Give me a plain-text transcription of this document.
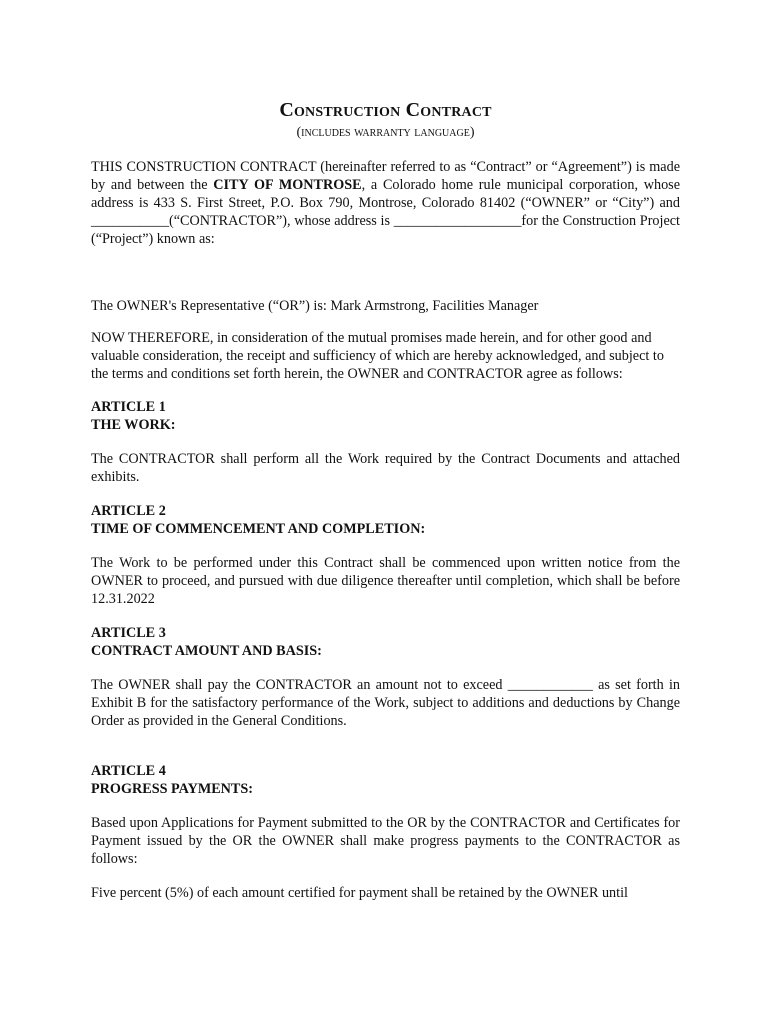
Construction Contract
(includes warranty language)

THIS CONSTRUCTION CONTRACT (hereinafter referred to as “Contract” or “Agreement”) is made by and between the CITY OF MONTROSE, a Colorado home rule municipal corporation, whose address is 433 S. First Street, P.O. Box 790, Montrose, Colorado 81402 (“OWNER” or “City”) and ___________(“CONTRACTOR”), whose address is __________________for the Construction Project (“Project”) known as:

The OWNER's Representative (“OR”) is: Mark Armstrong, Facilities Manager

NOW THEREFORE, in consideration of the mutual promises made herein, and for other good and valuable consideration, the receipt and sufficiency of which are hereby acknowledged, and subject to the terms and conditions set forth herein, the OWNER and CONTRACTOR agree as follows:

ARTICLE 1
THE WORK:

The CONTRACTOR shall perform all the Work required by the Contract Documents and attached exhibits.

ARTICLE 2
TIME OF COMMENCEMENT AND COMPLETION:

The Work to be performed under this Contract shall be commenced upon written notice from the OWNER to proceed, and pursued with due diligence thereafter until completion, which shall be before 12.31.2022

ARTICLE 3
CONTRACT AMOUNT AND BASIS:

The OWNER shall pay the CONTRACTOR an amount not to exceed ____________ as set forth in Exhibit B for the satisfactory performance of the Work, subject to additions and deductions by Change Order as provided in the General Conditions.

ARTICLE 4
PROGRESS PAYMENTS:

Based upon Applications for Payment submitted to the OR by the CONTRACTOR and Certificates for Payment issued by the OR the OWNER shall make progress payments to the CONTRACTOR as follows:

Five percent (5%) of each amount certified for payment shall be retained by the OWNER until
